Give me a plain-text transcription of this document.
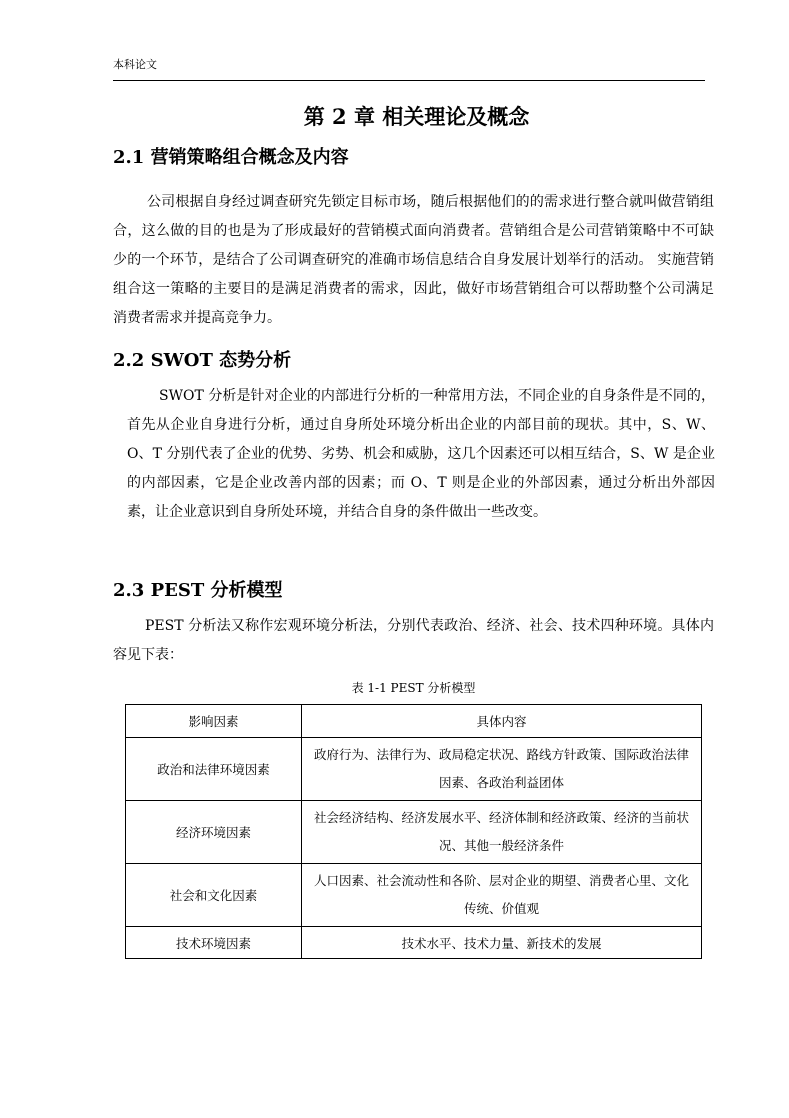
本科论文
第 2 章 相关理论及概念
2.1 营销策略组合概念及内容
公司根据自身经过调查研究先锁定目标市场，随后根据他们的的需求进行整合就叫做营销组合，这么做的目的也是为了形成最好的营销模式面向消费者。营销组合是公司营销策略中不可缺少的一个环节，是结合了公司调查研究的准确市场信息结合自身发展计划举行的活动。 实施营销组合这一策略的主要目的是满足消费者的需求，因此，做好市场营销组合可以帮助整个公司满足消费者需求并提高竞争力。
2.2 SWOT 态势分析
SWOT 分析是针对企业的内部进行分析的一种常用方法，不同企业的自身条件是不同的，首先从企业自身进行分析，通过自身所处环境分析出企业的内部目前的现状。其中，S、W、O、T 分别代表了企业的优势、劣势、机会和威胁，这几个因素还可以相互结合，S、W 是企业的内部因素，它是企业改善内部的因素；而 O、T 则是企业的外部因素，通过分析出外部因素，让企业意识到自身所处环境，并结合自身的条件做出一些改变。
2.3 PEST 分析模型
PEST 分析法又称作宏观环境分析法，分别代表政治、经济、社会、技术四种环境。具体内容见下表：
表 1-1 PEST 分析模型
影响因素	具体内容
政治和法律环境因素	政府行为、法律行为、政局稳定状况、路线方针政策、国际政治法律因素、各政治利益团体
经济环境因素	社会经济结构、经济发展水平、经济体制和经济政策、经济的当前状况、其他一般经济条件
社会和文化因素	人口因素、社会流动性和各阶、层对企业的期望、消费者心里、文化传统、价值观
技术环境因素	技术水平、技术力量、新技术的发展
